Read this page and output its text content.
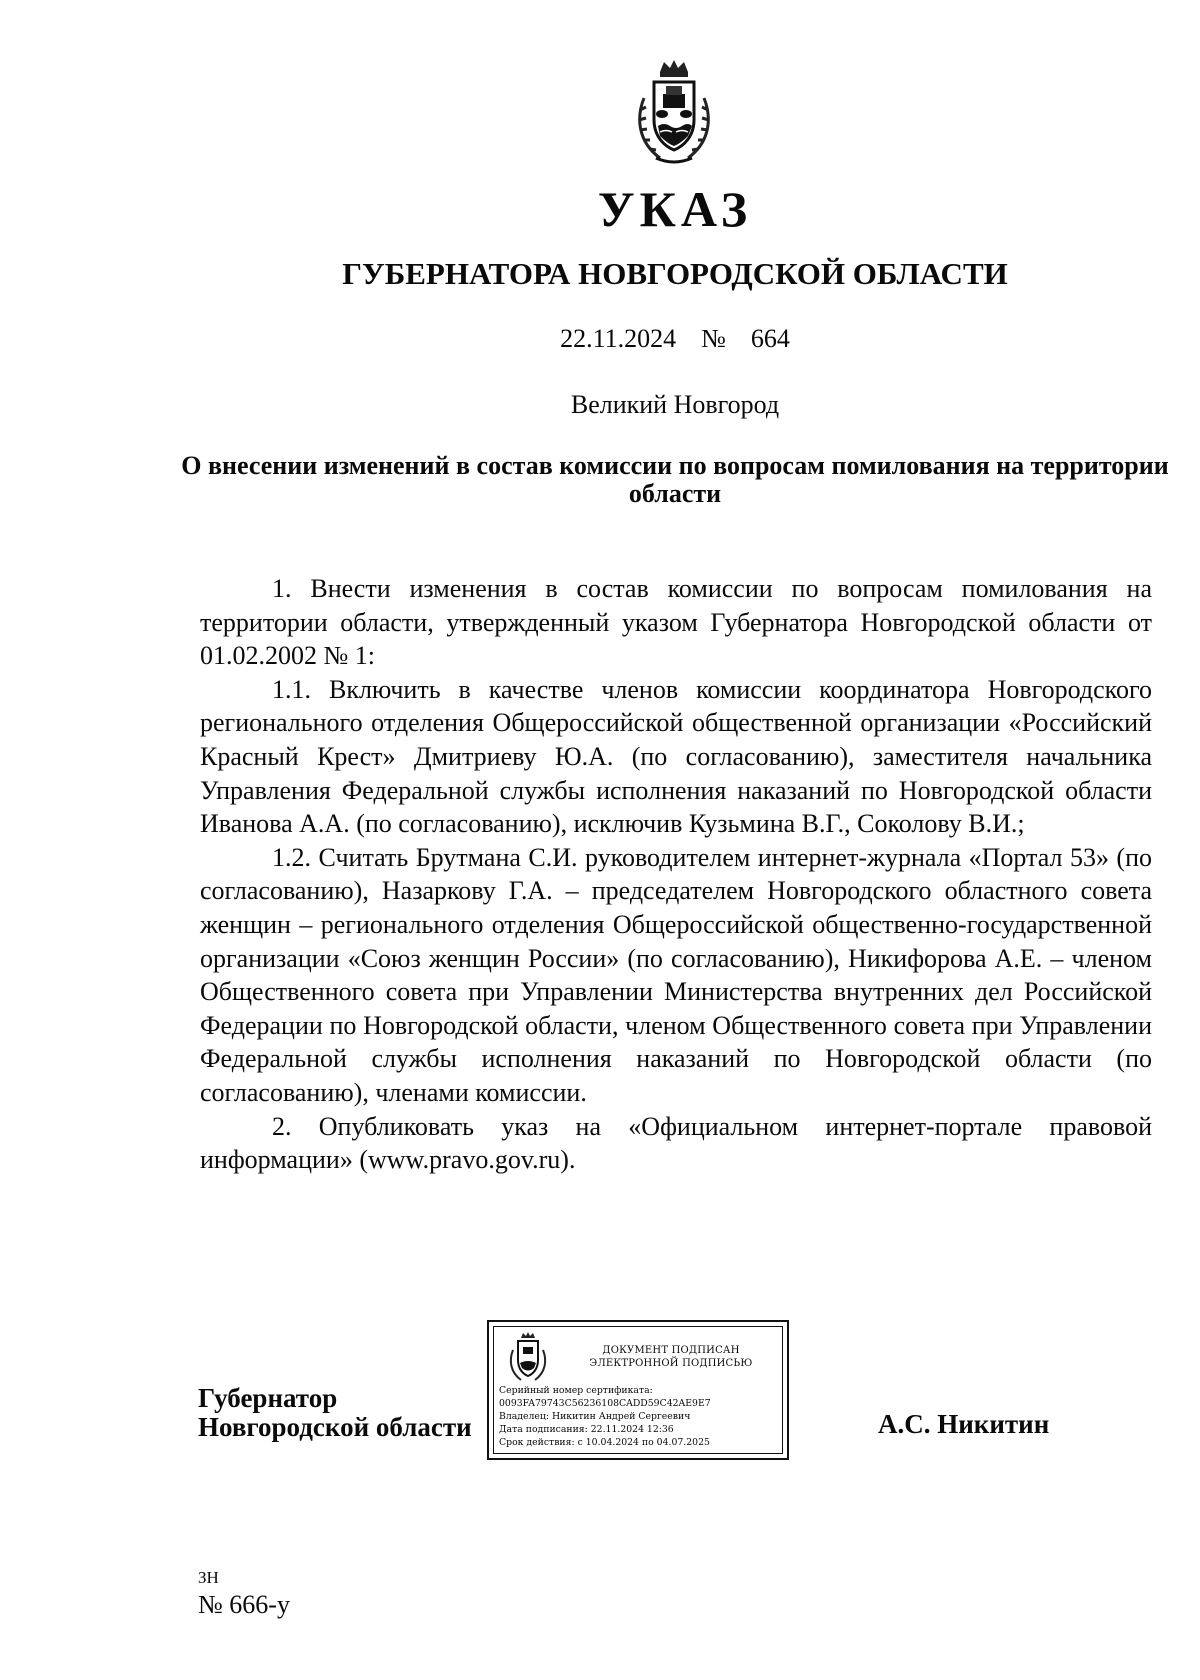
УКАЗ
ГУБЕРНАТОРА НОВГОРОДСКОЙ ОБЛАСТИ

22.11.2024  №  664

Великий Новгород

О внесении изменений в состав комиссии по вопросам помилования на территории области

1. Внести изменения в состав комиссии по вопросам помилования на территории области, утвержденный указом Губернатора Новгородской области от 01.02.2002 № 1:

1.1. Включить в качестве членов комиссии координатора Новгородского регионального отделения Общероссийской общественной организации «Российский Красный Крест» Дмитриеву Ю.А. (по согласованию), заместителя начальника Управления Федеральной службы исполнения наказаний по Новгородской области Иванова А.А. (по согласованию), исключив Кузьмина В.Г., Соколову В.И.;

1.2. Считать Брутмана С.И. руководителем интернет-журнала «Портал 53» (по согласованию), Назаркову Г.А. – председателем Новгородского областного совета женщин – регионального отделения Общероссийской общественно-государственной организации «Союз женщин России» (по согласованию), Никифорова А.Е. – членом Общественного совета при Управлении Министерства внутренних дел Российской Федерации по Новгородской области, членом Общественного совета при Управлении Федеральной службы исполнения наказаний по Новгородской области (по согласованию), членами комиссии.

2. Опубликовать указ на «Официальном интернет-портале правовой информации» (www.pravo.gov.ru).

Губернатор
Новгородской области

ДОКУМЕНТ ПОДПИСАН
ЭЛЕКТРОННОЙ ПОДПИСЬЮ
Серийный номер сертификата:
0093FA79743C56236108CADD59C42AE9E7
Владелец: Никитин Андрей Сергеевич
Дата подписания: 22.11.2024 12:36
Срок действия: с 10.04.2024 по 04.07.2025

А.С. Никитин

ЗН

№ 666-у
